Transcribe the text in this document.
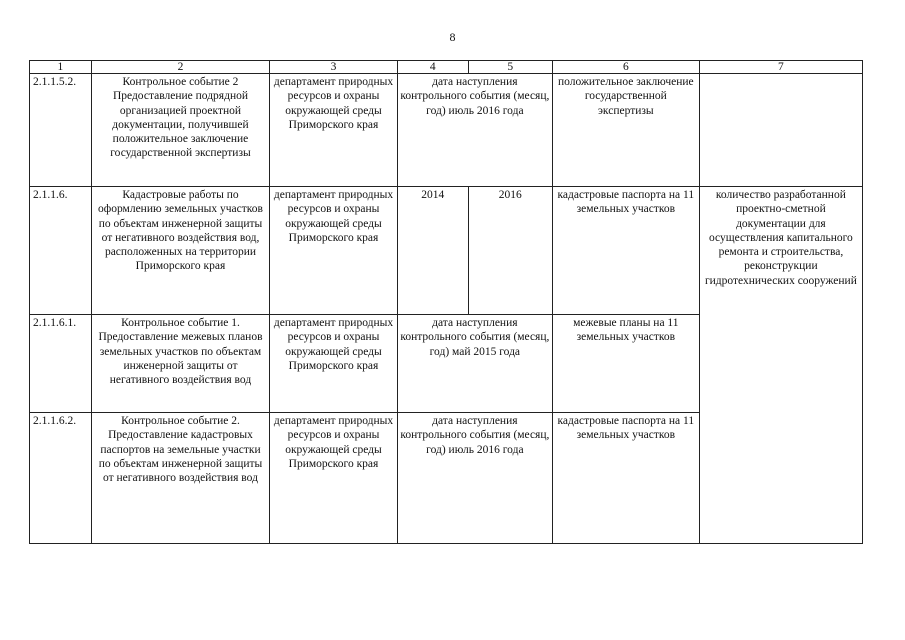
8
1	2	3	4	5	6	7
2.1.1.5.2.	Контрольное событие 2 Предоставление подрядной организацией проектной документации, получившей положительное заключение государственной экспертизы	департамент природных ресурсов и охраны окружающей среды Приморского края	дата наступления контрольного события (месяц, год) июль 2016 года		положительное заключение государственной экспертизы	
2.1.1.6.	Кадастровые работы по оформлению земельных участков по объектам инженерной защиты от негативного воздействия вод, расположенных на территории Приморского края	департамент природных ресурсов и охраны окружающей среды Приморского края	2014	2016	кадастровые паспорта на 11 земельных участков	количество разработанной проектно-сметной документации для осуществления капитального ремонта и строительства, реконструкции гидротехнических сооружений
2.1.1.6.1.	Контрольное событие 1. Предоставление межевых планов земельных участков по объектам инженерной защиты от негативного воздействия вод	департамент природных ресурсов и охраны окружающей среды Приморского края	дата наступления контрольного события (месяц, год) май 2015 года		межевые планы на 11 земельных участков	
2.1.1.6.2.	Контрольное событие 2. Предоставление кадастровых паспортов на земельные участки по объектам инженерной защиты от негативного воздействия вод	департамент природных ресурсов и охраны окружающей среды Приморского края	дата наступления контрольного события (месяц, год) июль 2016 года		кадастровые паспорта на 11 земельных участков	
